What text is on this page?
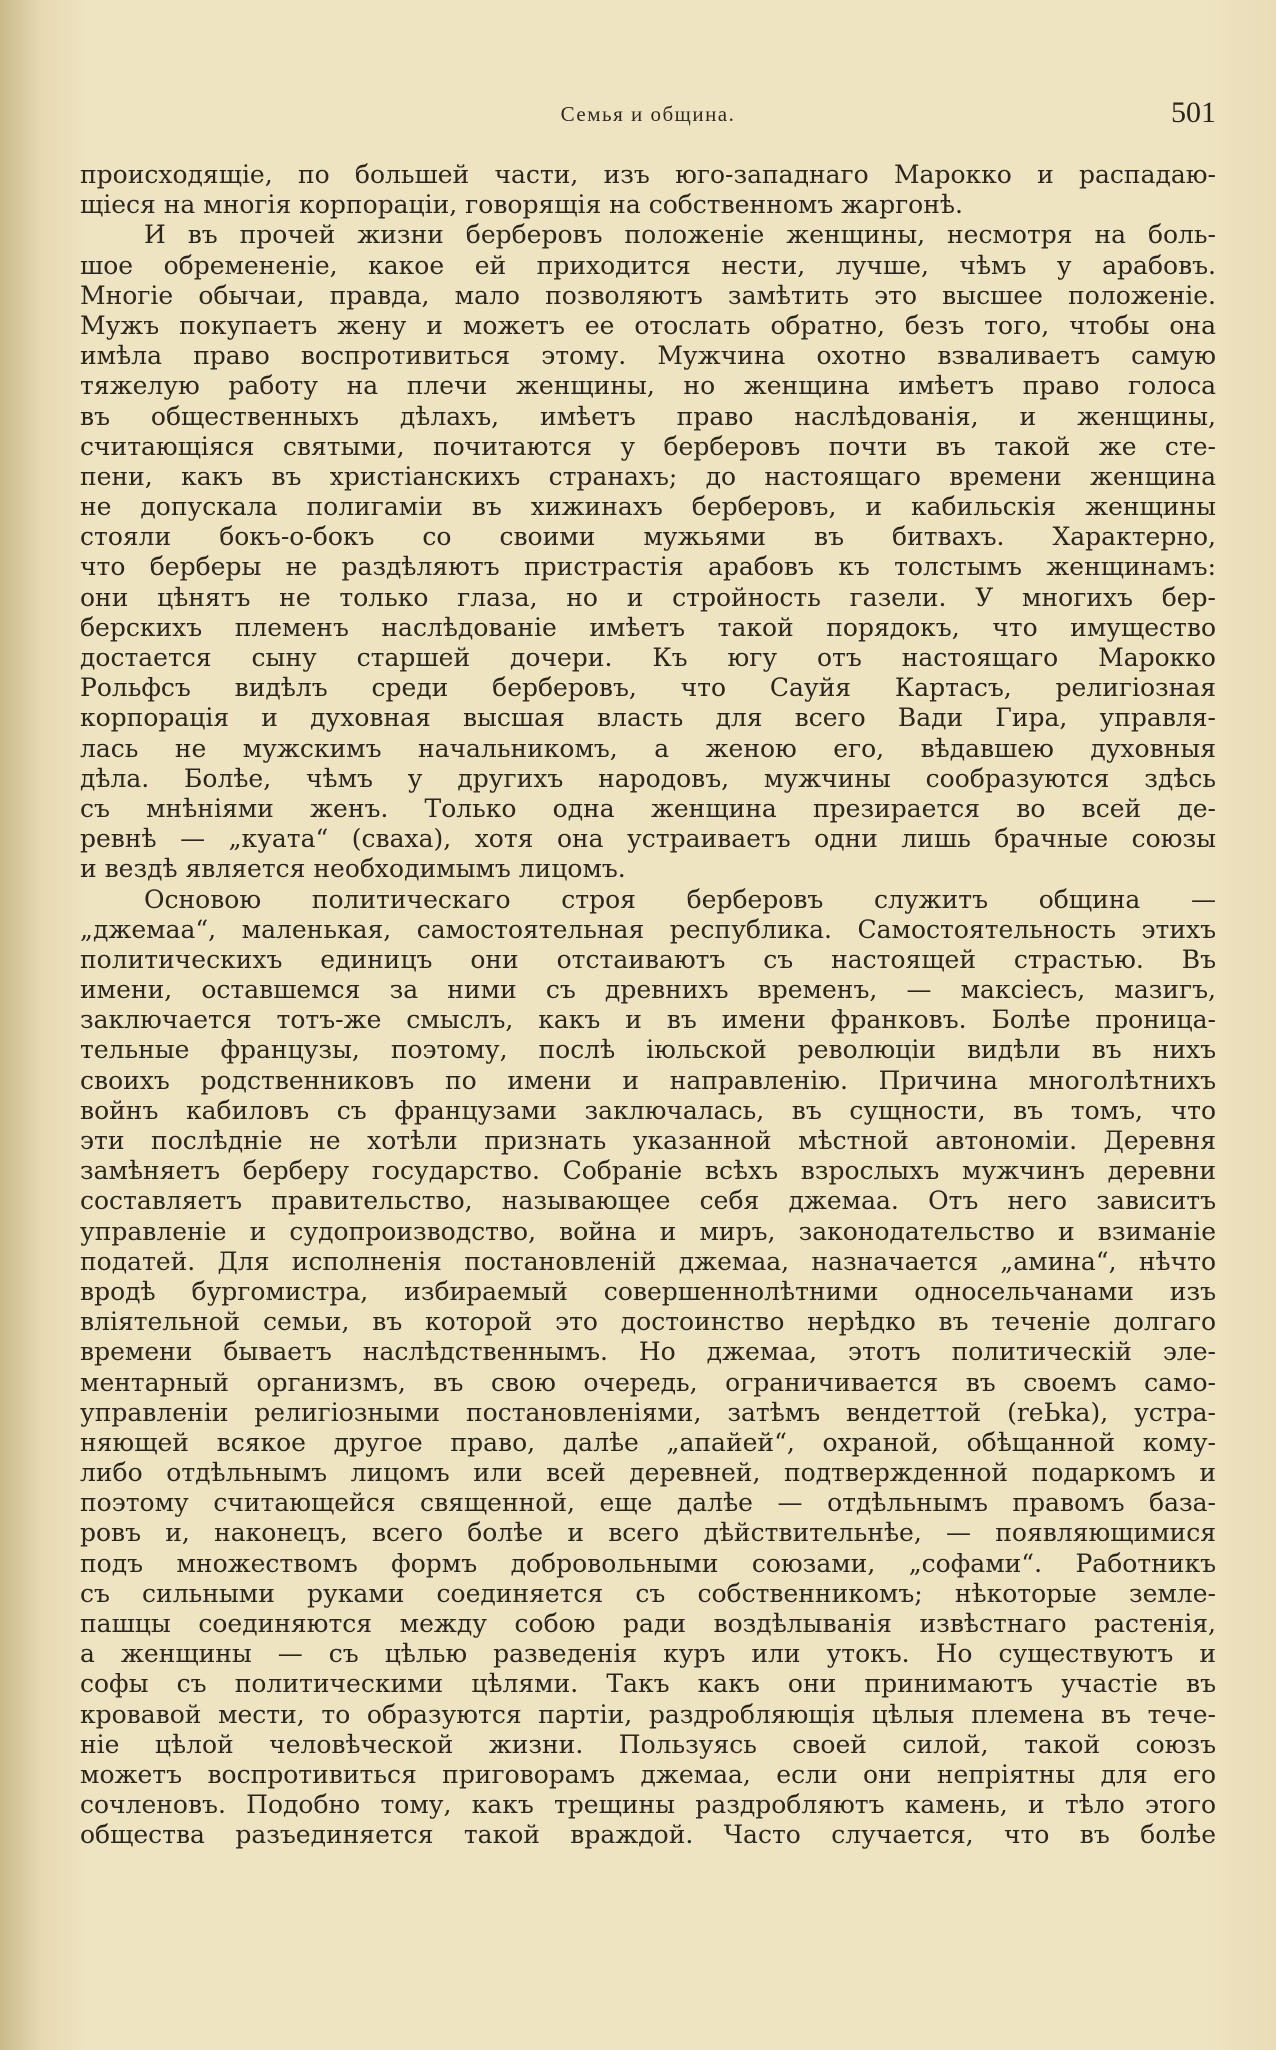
Семья и община.	501
происходящіе, по большей части, изъ юго-западнаго Марокко и распадаю-
щіеся на многія корпораціи, говорящія на собственномъ жаргонѣ.
И въ прочей жизни берберовъ положеніе женщины, несмотря на боль-
шое обремененіе, какое ей приходится нести, лучше, чѣмъ у арабовъ.
Многіе обычаи, правда, мало позволяютъ замѣтить это высшее положеніе.
Мужъ покупаетъ жену и можетъ ее отослать обратно, безъ того, чтобы она
имѣла право воспротивиться этому. Мужчина охотно взваливаетъ самую
тяжелую работу на плечи женщины, но женщина имѣетъ право голоса
въ общественныхъ дѣлахъ, имѣетъ право наслѣдованія, и женщины,
считающіяся святыми, почитаются у берберовъ почти въ такой же сте-
пени, какъ въ христіанскихъ странахъ; до настоящаго времени женщина
не допускала полигаміи въ хижинахъ берберовъ, и кабильскія женщины
стояли бокъ-о-бокъ со своими мужьями въ битвахъ. Характерно,
что берберы не раздѣляютъ пристрастія арабовъ къ толстымъ женщинамъ:
они цѣнятъ не только глаза, но и стройность газели. У многихъ бер-
берскихъ племенъ наслѣдованіе имѣетъ такой порядокъ, что имущество
достается сыну старшей дочери. Къ югу отъ настоящаго Марокко
Рольфсъ видѣлъ среди берберовъ, что Сауйя Картасъ, религіозная
корпорація и духовная высшая власть для всего Вади Гира, управля-
лась не мужскимъ начальникомъ, а женою его, вѣдавшею духовныя
дѣла. Болѣе, чѣмъ у другихъ народовъ, мужчины сообразуются здѣсь
съ мнѣніями женъ. Только одна женщина презирается во всей де-
ревнѣ — „куата“ (сваха), хотя она устраиваетъ одни лишь брачные союзы
и вездѣ является необходимымъ лицомъ.
Основою политическаго строя берберовъ служитъ община —
„джемаа“, маленькая, самостоятельная республика. Самостоятельность этихъ
политическихъ единицъ они отстаиваютъ съ настоящей страстью. Въ
имени, оставшемся за ними съ древнихъ временъ, — максіесъ, мазигъ,
заключается тотъ-же смыслъ, какъ и въ имени франковъ. Болѣе проница-
тельные французы, поэтому, послѣ іюльской революціи видѣли въ нихъ
своихъ родственниковъ по имени и направленію. Причина многолѣтнихъ
войнъ кабиловъ съ французами заключалась, въ сущности, въ томъ, что
эти послѣдніе не хотѣли признать указанной мѣстной автономіи. Деревня
замѣняетъ берберу государство. Собраніе всѣхъ взрослыхъ мужчинъ деревни
составляетъ правительство, называющее себя джемаа. Отъ него зависитъ
управленіе и судопроизводство, война и миръ, законодательство и взиманіе
податей. Для исполненія постановленій джемаа, назначается „амина“, нѣчто
вродѣ бургомистра, избираемый совершеннолѣтними односельчанами изъ
вліятельной семьи, въ которой это достоинство нерѣдко въ теченіе долгаго
времени бываетъ наслѣдственнымъ. Но джемаа, этотъ политическій эле-
ментарный организмъ, въ свою очередь, ограничивается въ своемъ само-
управленіи религіозными постановленіями, затѣмъ вендеттой (reЬka), устра-
няющей всякое другое право, далѣе „апайей“, охраной, обѣщанной кому-
либо отдѣльнымъ лицомъ или всей деревней, подтвержденной подаркомъ и
поэтому считающейся священной, еще далѣе — отдѣльнымъ правомъ база-
ровъ и, наконецъ, всего болѣе и всего дѣйствительнѣе, — появляющимися
подъ множествомъ формъ добровольными союзами, „софами“. Работникъ
съ сильными руками соединяется съ собственникомъ; нѣкоторые земле-
пашцы соединяются между собою ради воздѣлыванія извѣстнаго растенія,
а женщины — съ цѣлью разведенія куръ или утокъ. Но существуютъ и
софы съ политическими цѣлями. Такъ какъ они принимаютъ участіе въ
кровавой мести, то образуются партіи, раздробляющія цѣлыя племена въ тече-
ніе цѣлой человѣческой жизни. Пользуясь своей силой, такой союзъ
можетъ воспротивиться приговорамъ джемаа, если они непріятны для его
сочленовъ. Подобно тому, какъ трещины раздробляютъ камень, и тѣло этого
общества разъединяется такой враждой. Часто случается, что въ болѣе
